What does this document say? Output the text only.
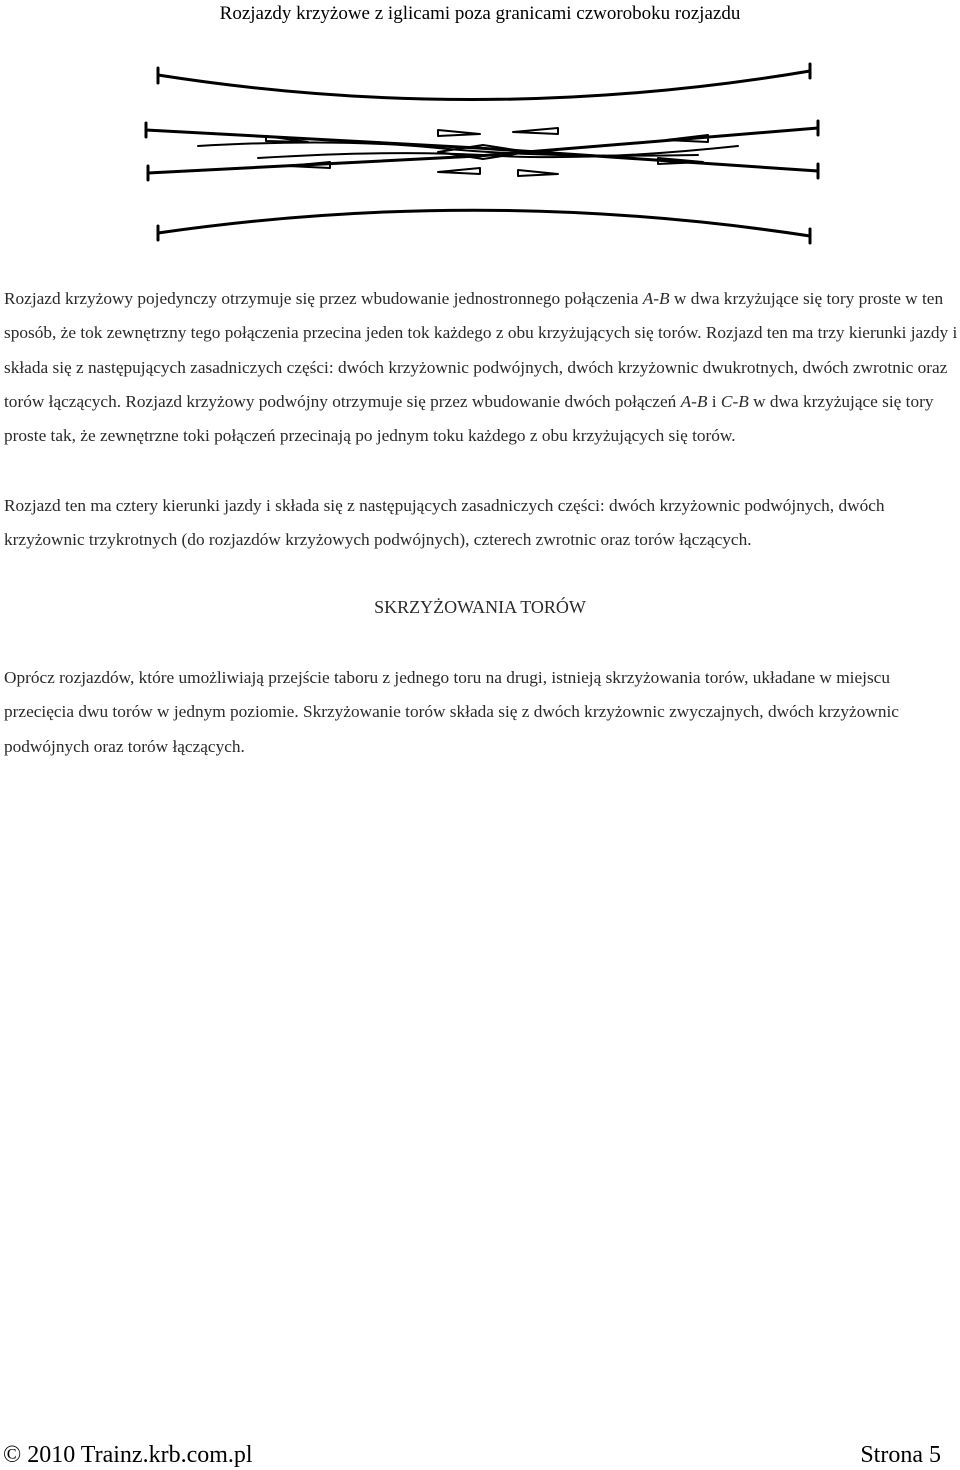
Rozjazdy krzyżowe z iglicami poza granicami czworoboku rozjazdu

Rozjazd krzyżowy pojedynczy otrzymuje się przez wbudowanie jednostronnego połączenia A-B w dwa krzyżujące się tory proste w ten sposób, że tok zewnętrzny tego połączenia przecina jeden tok każdego z obu krzyżujących się torów. Rozjazd ten ma trzy kierunki jazdy i składa się z następujących zasadniczych części: dwóch krzyżownic podwójnych, dwóch krzyżownic dwukrotnych, dwóch zwrotnic oraz torów łączących. Rozjazd krzyżowy podwójny otrzymuje się przez wbudowanie dwóch połączeń A-B i C-B w dwa krzyżujące się tory proste tak, że zewnętrzne toki połączeń przecinają po jednym toku każdego z obu krzyżujących się torów.

Rozjazd ten ma cztery kierunki jazdy i składa się z następujących zasadniczych części: dwóch krzyżownic podwójnych, dwóch krzyżownic trzykrotnych (do rozjazdów krzyżowych podwójnych), czterech zwrotnic oraz torów łączących.

SKRZYŻOWANIA TORÓW

Oprócz rozjazdów, które umożliwiają przejście taboru z jednego toru na drugi, istnieją skrzyżowania torów, układane w miejscu przecięcia dwu torów w jednym poziomie. Skrzyżowanie torów składa się z dwóch krzyżownic zwyczajnych, dwóch krzyżownic podwójnych oraz torów łączących.

© 2010 Trainz.krb.com.pl	Strona 5
